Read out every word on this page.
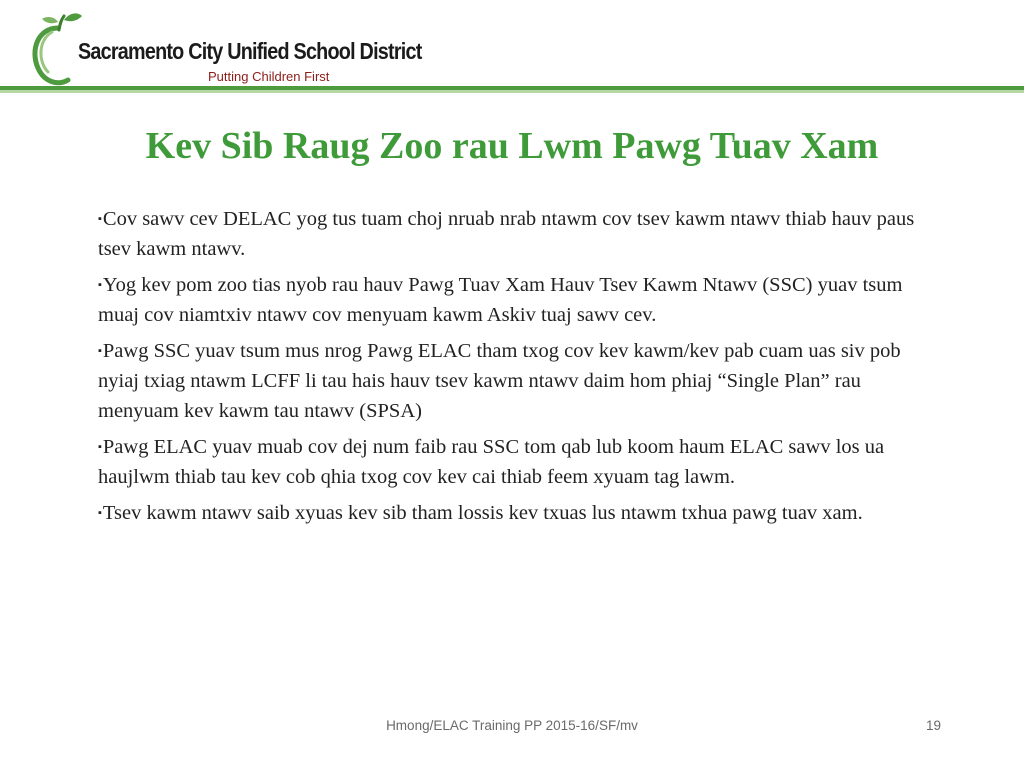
Sacramento City Unified School District
Putting Children First
Kev Sib Raug Zoo rau Lwm Pawg Tuav Xam

▪Cov sawv cev DELAC yog tus tuam choj nruab nrab ntawm cov tsev kawm ntawv thiab hauv paus tsev kawm ntawv.

▪Yog kev pom zoo tias nyob rau hauv Pawg Tuav Xam Hauv Tsev Kawm Ntawv (SSC) yuav tsum muaj cov niamtxiv ntawv cov menyuam kawm Askiv tuaj sawv cev.

▪Pawg SSC yuav tsum mus nrog Pawg ELAC tham txog cov kev kawm/kev pab cuam uas siv pob nyiaj txiag ntawm LCFF li tau hais hauv tsev kawm ntawv daim hom phiaj “Single Plan” rau menyuam kev kawm tau ntawv (SPSA)

▪Pawg ELAC yuav muab cov dej num faib rau SSC tom qab lub koom haum ELAC sawv los ua haujlwm thiab tau kev cob qhia txog cov kev cai thiab feem xyuam tag lawm.

▪Tsev kawm ntawv saib xyuas kev sib tham lossis kev txuas lus ntawm txhua pawg tuav xam.

Hmong/ELAC Training PP 2015-16/SF/mv	19
